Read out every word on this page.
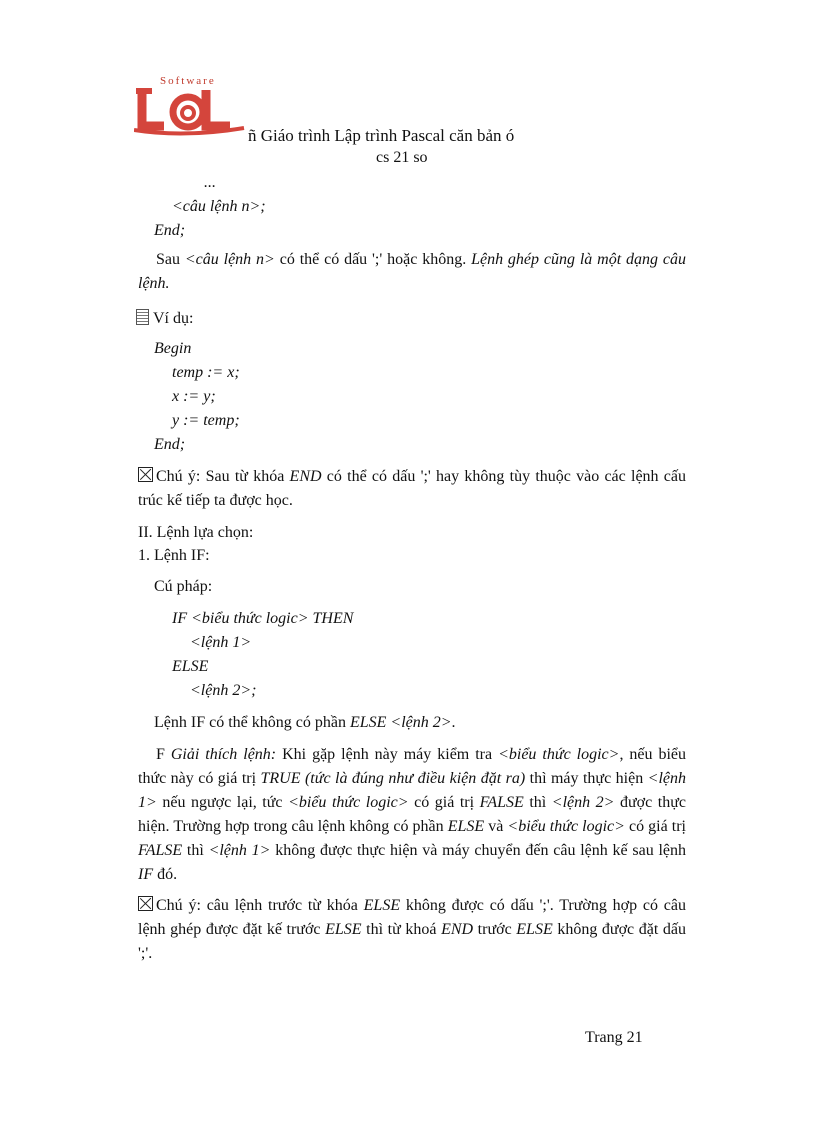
Software
ñ Giáo trình Lập trình Pascal căn bản ó
cs 21 so
...
<câu lệnh n>;
End;
Sau <câu lệnh n> có thể có dấu ';' hoặc không. Lệnh ghép cũng là một dạng câu lệnh.
Ví dụ:
Begin
temp := x;
x := y;
y := temp;
End;
Chú ý: Sau từ khóa END có thể có dấu ';' hay không tùy thuộc vào các lệnh cấu trúc kế tiếp ta được học.
II. Lệnh lựa chọn:
1. Lệnh IF:
Cú pháp:
IF <biểu thức logic> THEN
<lệnh 1>
ELSE
<lệnh 2>;
Lệnh IF có thể không có phần ELSE <lệnh 2>.
F Giải thích lệnh: Khi gặp lệnh này máy kiểm tra <biểu thức logic>, nếu biểu thức này có giá trị TRUE (tức là đúng như điều kiện đặt ra) thì máy thực hiện <lệnh 1> nếu ngược lại, tức <biểu thức logic> có giá trị FALSE thì <lệnh 2> được thực hiện. Trường hợp trong câu lệnh không có phần ELSE và <biểu thức logic> có giá trị FALSE thì <lệnh 1> không được thực hiện và máy chuyển đến câu lệnh kế sau lệnh IF đó.
Chú ý: câu lệnh trước từ khóa ELSE không được có dấu ';'. Trường hợp có câu lệnh ghép được đặt kế trước ELSE thì từ khoá END trước ELSE không được đặt dấu ';'.
Trang 21
